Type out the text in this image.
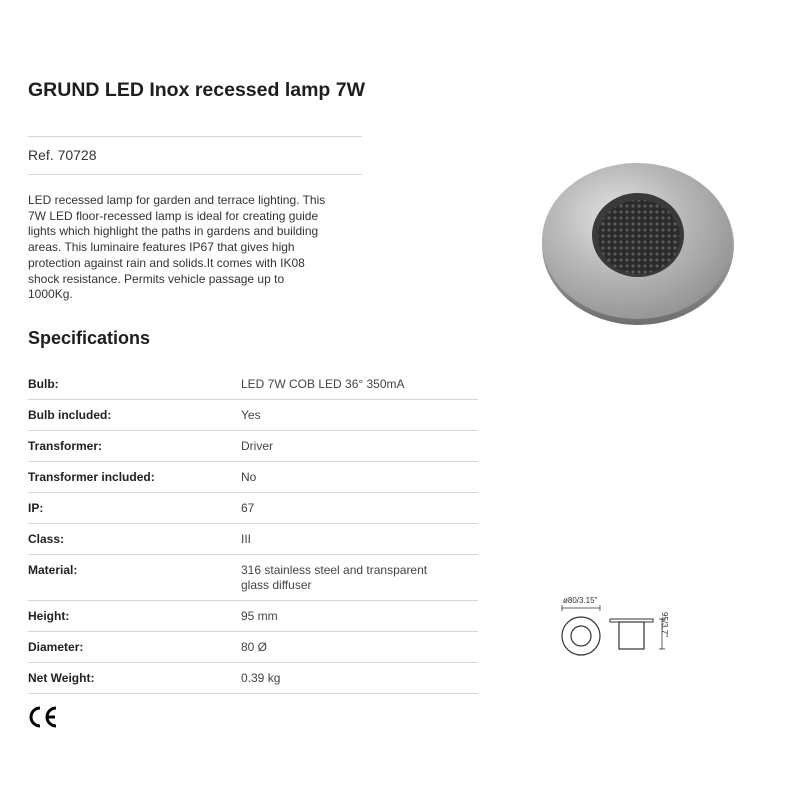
GRUND LED Inox recessed lamp 7W
Ref. 70728
LED recessed lamp for garden and terrace lighting. This
7W LED floor-recessed lamp is ideal for creating guide
lights which highlight the paths in gardens and building
areas. This luminaire features IP67 that gives high
protection against rain and solids.It comes with IK08
shock resistance. Permits vehicle passage up to
1000Kg.
Specifications
Bulb:	LED 7W COB LED 36° 350mA
Bulb included:	Yes
Transformer:	Driver
Transformer included:	No
IP:	67
Class:	III
Material:	316 stainless steel and transparent
glass diffuser
Height:	95 mm
Diameter:	80 Ø
Net Weight:	0.39 kg
ø80/3.15"
95/3.7"
